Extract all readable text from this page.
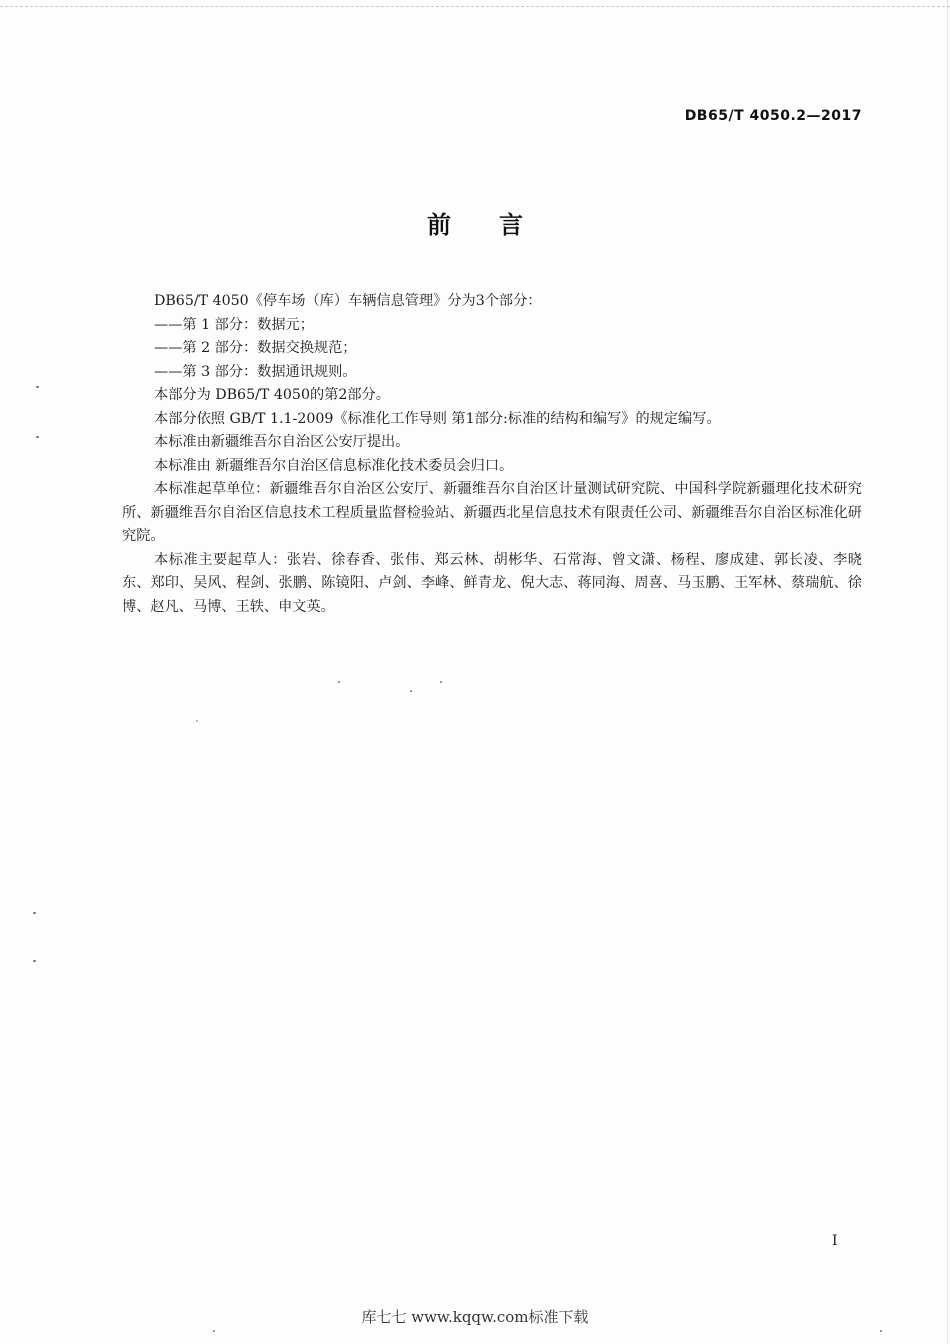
DB65/T 4050.2—2017
前言

DB65/T 4050《停车场（库）车辆信息管理》分为3个部分：

——第 1 部分：数据元；

——第 2 部分：数据交换规范；

——第 3 部分：数据通讯规则。

本部分为 DB65/T 4050的第2部分。

本部分依照 GB/T 1.1-2009《标准化工作导则 第1部分:标准的结构和编写》的规定编写。

本标准由新疆维吾尔自治区公安厅提出。

本标准由 新疆维吾尔自治区信息标准化技术委员会归口。

本标准起草单位：新疆维吾尔自治区公安厅、新疆维吾尔自治区计量测试研究院、中国科学院新疆理化技术研究所、新疆维吾尔自治区信息技术工程质量监督检验站、新疆西北星信息技术有限责任公司、新疆维吾尔自治区标准化研究院。

本标准主要起草人：张岩、徐春香、张伟、郑云林、胡彬华、石常海、曾文潇、杨程、廖成建、郭长凌、李晓东、郑印、吴风、程剑、张鹏、陈镜阳、卢剑、李峰、鲜青龙、倪大志、蒋同海、周喜、马玉鹏、王军林、蔡瑞航、徐博、赵凡、马博、王轶、申文英。

I
库七七 www.kqqw.com标准下载
